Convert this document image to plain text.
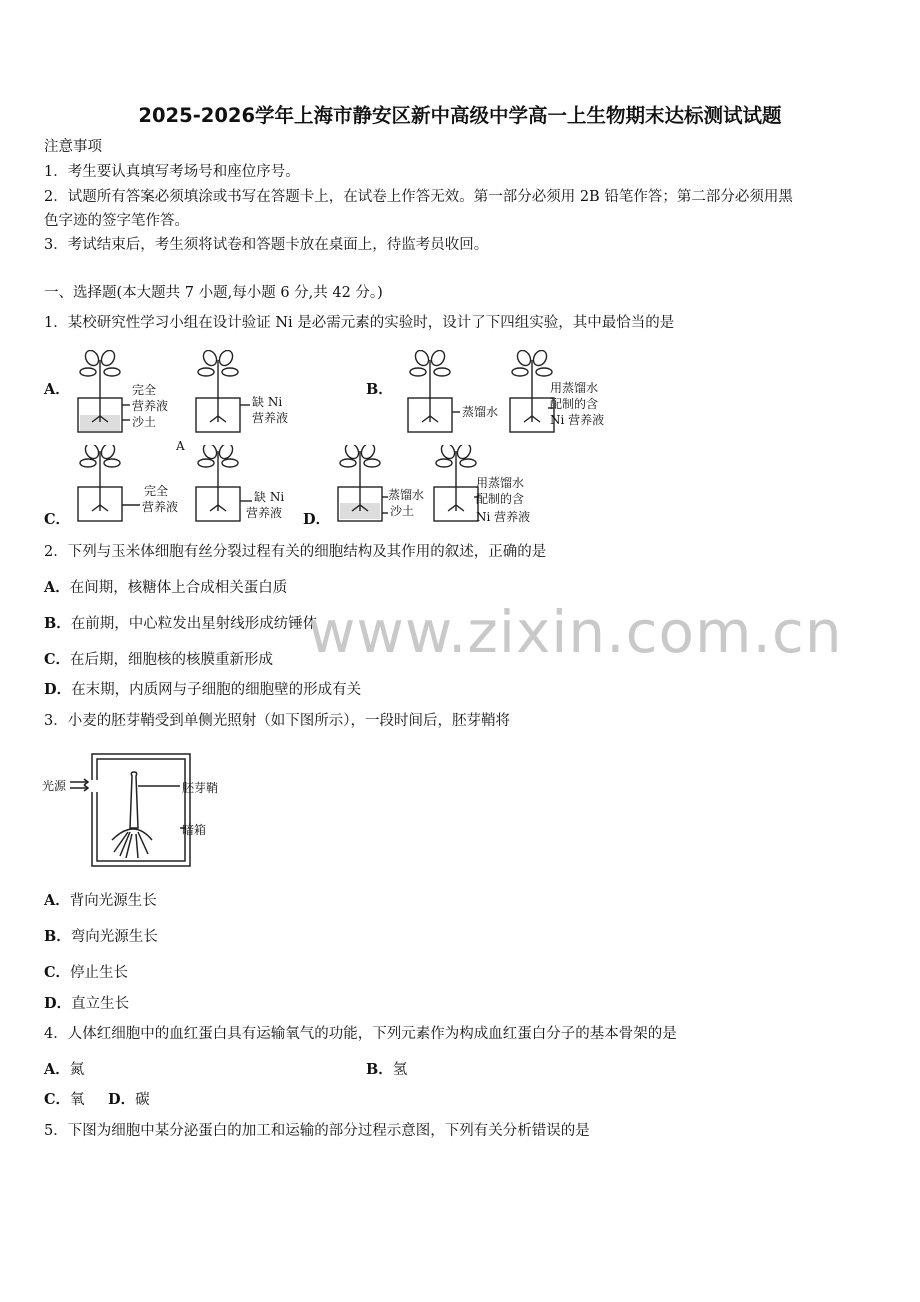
2025-2026学年上海市静安区新中高级中学高一上生物期末达标测试试题
注意事项
1．考生要认真填写考场号和座位序号。
2．试题所有答案必须填涂或书写在答题卡上，在试卷上作答无效。第一部分必须用 2B 铅笔作答；第二部分必须用黑
色字迹的签字笔作答。
3．考试结束后，考生须将试卷和答题卡放在桌面上，待监考员收回。
一、选择题(本大题共 7 小题,每小题 6 分,共 42 分。)
1．某校研究性学习小组在设计验证 Ni 是必需元素的实验时，设计了下四组实验，其中最恰当的是
A．	B．
C．	D．
完全
营养液
沙土
缺 Ni
营养液
A
蒸馏水
用蒸馏水
配制的含
Ni 营养液
完全
营养液
缺 Ni
营养液
蒸馏水
沙土
用蒸馏水
配制的含
Ni 营养液
2．下列与玉米体细胞有丝分裂过程有关的细胞结构及其作用的叙述，正确的是
A．在间期，核糖体上合成相关蛋白质
B．在前期，中心粒发出星射线形成纺锤体
C．在后期，细胞核的核膜重新形成
D．在末期，内质网与子细胞的细胞壁的形成有关
www.zixin.com.cn
3．小麦的胚芽鞘受到单侧光照射（如下图所示），一段时间后，胚芽鞘将
光源	胚芽鞘
暗箱
A．背向光源生长
B．弯向光源生长
C．停止生长
D．直立生长
4．人体红细胞中的血红蛋白具有运输氧气的功能，下列元素作为构成血红蛋白分子的基本骨架的是
A．氮	B．氢
C．氧 D．碳
5．下图为细胞中某分泌蛋白的加工和运输的部分过程示意图，下列有关分析错误的是
